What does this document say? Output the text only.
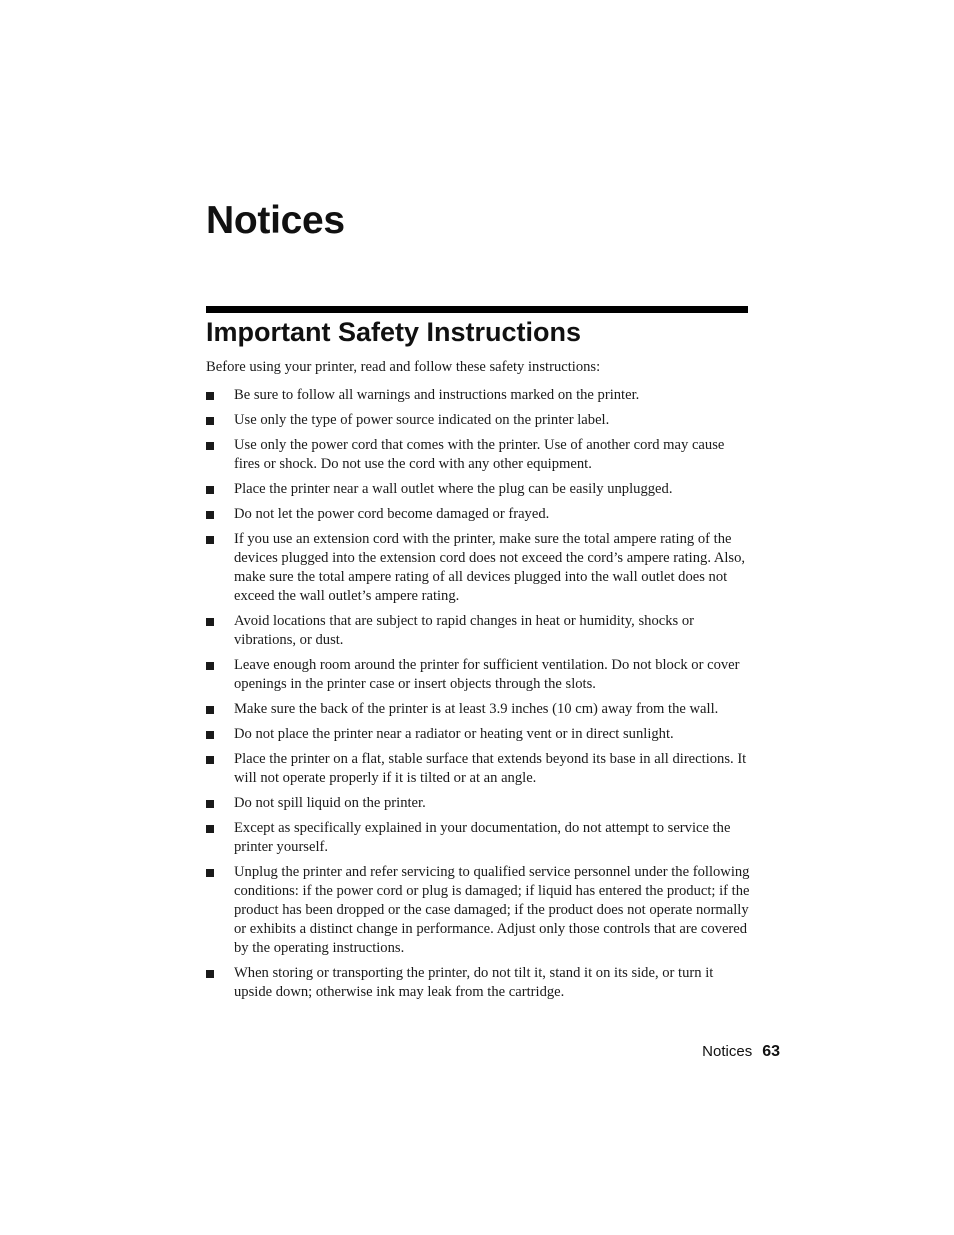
Notices
Important Safety Instructions

Before using your printer, read and follow these safety instructions:

Be sure to follow all warnings and instructions marked on the printer.
Use only the type of power source indicated on the printer label.
Use only the power cord that comes with the printer. Use of another cord may cause fires or shock. Do not use the cord with any other equipment.
Place the printer near a wall outlet where the plug can be easily unplugged.
Do not let the power cord become damaged or frayed.
If you use an extension cord with the printer, make sure the total ampere rating of the devices plugged into the extension cord does not exceed the cord’s ampere rating. Also, make sure the total ampere rating of all devices plugged into the wall outlet does not exceed the wall outlet’s ampere rating.
Avoid locations that are subject to rapid changes in heat or humidity, shocks or vibrations, or dust.
Leave enough room around the printer for sufficient ventilation. Do not block or cover openings in the printer case or insert objects through the slots.
Make sure the back of the printer is at least 3.9 inches (10 cm) away from the wall.
Do not place the printer near a radiator or heating vent or in direct sunlight.
Place the printer on a flat, stable surface that extends beyond its base in all directions. It will not operate properly if it is tilted or at an angle.
Do not spill liquid on the printer.
Except as specifically explained in your documentation, do not attempt to service the printer yourself.
Unplug the printer and refer servicing to qualified service personnel under the following conditions: if the power cord or plug is damaged; if liquid has entered the product; if the product has been dropped or the case damaged; if the product does not operate normally or exhibits a distinct change in performance. Adjust only those controls that are covered by the operating instructions.
When storing or transporting the printer, do not tilt it, stand it on its side, or turn it upside down; otherwise ink may leak from the cartridge.
Notices 63
